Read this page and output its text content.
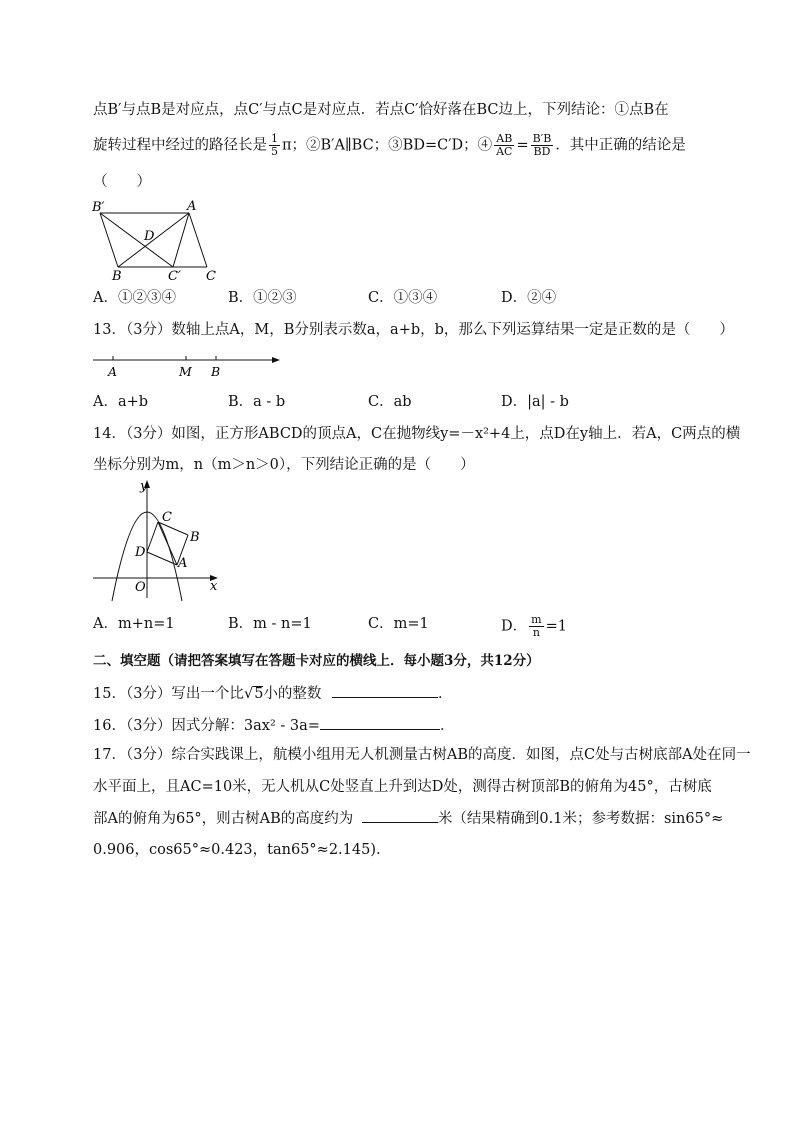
点B′与点B是对应点，点C′与点C是对应点．若点C′恰好落在BC边上，下列结论：①点B在
旋转过程中经过的路径长是 $\frac{1}{5}$ π；②B′A∥BC；③BD=C′D；④ $\frac{AB}{AC} = \frac{B'B}{BD}$ ．其中正确的结论是
（　　）
B′	A
D
B	C′ C
A．①②③④	B．①②③	C．①③④	D．②④
13．（3分）数轴上点A，M，B分别表示数a，a+b，b，那么下列运算结果一定是正数的是（　　）
A	M B
A．a+b	B．a - b	C．ab	D．|a| - b
14．（3分）如图，正方形ABCD的顶点A，C在抛物线y=－x²+4上，点D在y轴上．若A，C两点的横
坐标分别为m，n（m＞n＞0），下列结论正确的是（　　）
y
x
O
C
B
A
D
A．m+n=1	B．m - n=1	C．m=1	D． $\frac{m}{n} =1$
二、填空题（请把答案填写在答题卡对应的横线上．每小题3分，共12分）
15．（3分）写出一个比√5小的整数	．
16．（3分）因式分解：3ax² - 3a=	．
17．（3分）综合实践课上，航模小组用无人机测量古树AB的高度．如图，点C处与古树底部A处在同一
水平面上，且AC=10米，无人机从C处竖直上升到达D处，测得古树顶部B的俯角为45°，古树底
部A的俯角为65°，则古树AB的高度约为	米（结果精确到0.1米；参考数据：sin65°≈
0.906，cos65°≈0.423，tan65°≈2.145).
